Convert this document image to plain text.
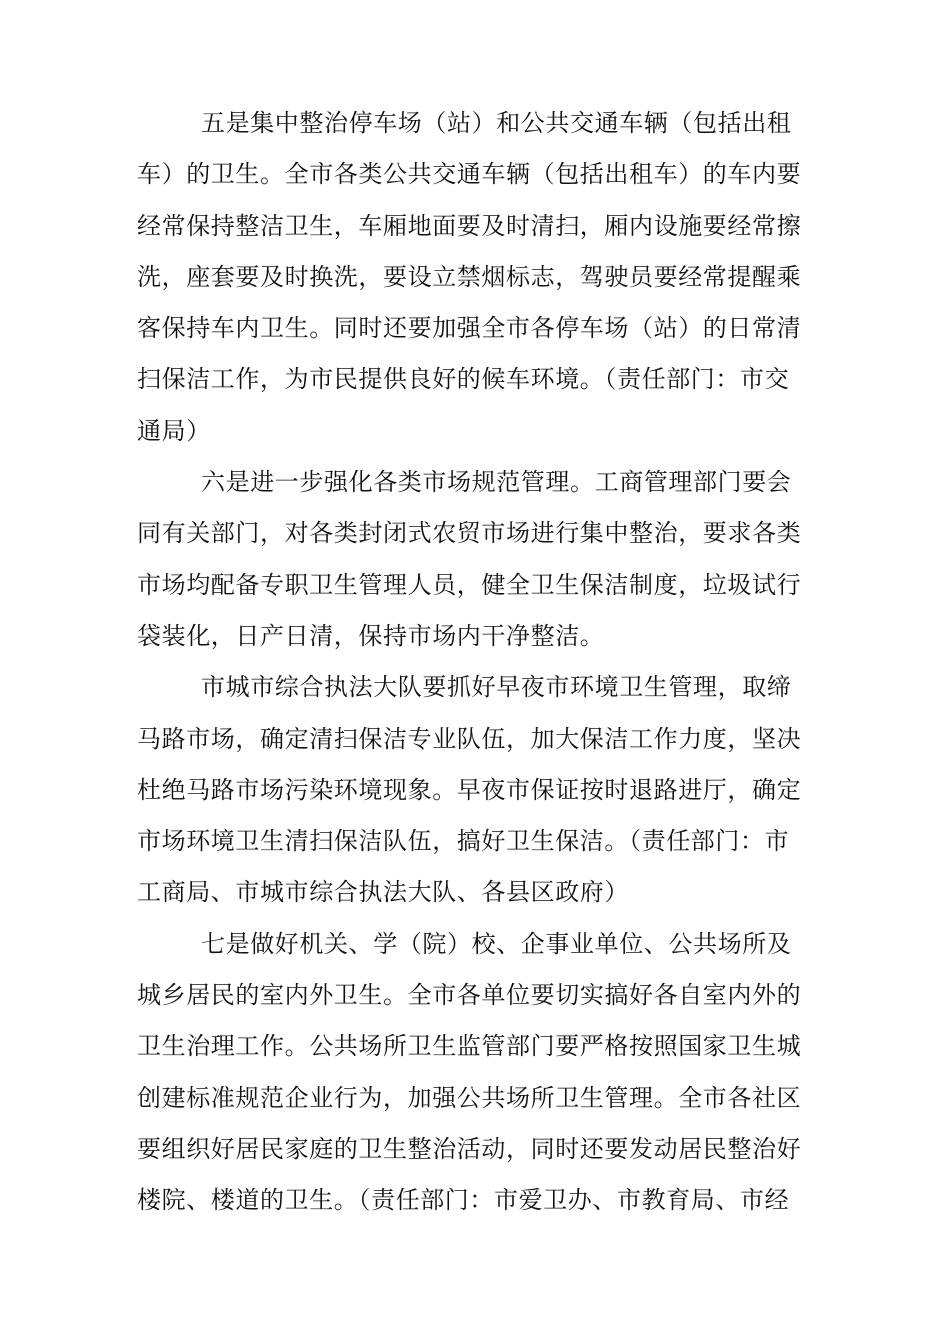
五是集中整治停车场（站）和公共交通车辆（包括出租
车）的卫生。全市各类公共交通车辆（包括出租车）的车内要
经常保持整洁卫生，车厢地面要及时清扫，厢内设施要经常擦
洗，座套要及时换洗，要设立禁烟标志，驾驶员要经常提醒乘
客保持车内卫生。同时还要加强全市各停车场（站）的日常清
扫保洁工作，为市民提供良好的候车环境。（责任部门：市交
通局）
六是进一步强化各类市场规范管理。工商管理部门要会
同有关部门，对各类封闭式农贸市场进行集中整治，要求各类
市场均配备专职卫生管理人员，健全卫生保洁制度，垃圾试行
袋装化，日产日清，保持市场内干净整洁。
市城市综合执法大队要抓好早夜市环境卫生管理，取缔
马路市场，确定清扫保洁专业队伍，加大保洁工作力度，坚决
杜绝马路市场污染环境现象。早夜市保证按时退路进厅，确定
市场环境卫生清扫保洁队伍，搞好卫生保洁。（责任部门：市
工商局、市城市综合执法大队、各县区政府）
七是做好机关、学（院）校、企事业单位、公共场所及
城乡居民的室内外卫生。全市各单位要切实搞好各自室内外的
卫生治理工作。公共场所卫生监管部门要严格按照国家卫生城
创建标准规范企业行为，加强公共场所卫生管理。全市各社区
要组织好居民家庭的卫生整治活动，同时还要发动居民整治好
楼院、楼道的卫生。（责任部门：市爱卫办、市教育局、市经
